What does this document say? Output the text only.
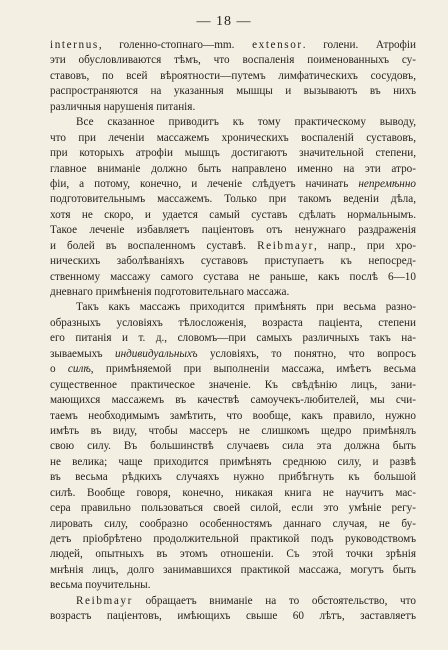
— 18 —
internus, голенно-стопнаго—mm. extensor. голени. Атрофіи
эти обусловливаются тѣмъ, что воспаленія поименованныхъ су-
ставовъ, по всей вѣроятности—путемъ лимфатическихъ сосудовъ,
распространяются на указанныя мышцы и вызываютъ въ нихъ
различныя нарушенія питанія.
Все сказанное приводитъ къ тому практическому выводу,
что при леченіи массажемъ хроническихъ воспаленій суставовъ,
при которыхъ атрофіи мышцъ достигаютъ значительной степени,
главное вниманіе должно быть направлено именно на эти атро-
фіи, а потому, конечно, и леченіе слѣдуетъ начинать непремѣнно
подготовительнымъ массажемъ. Только при такомъ веденіи дѣла,
хотя не скоро, и удается самый суставъ сдѣлать нормальнымъ.
Такое леченіе избавляетъ паціентовъ отъ ненужнаго раздраженія
и болей въ воспаленномъ суставѣ. Reibmayr, напр., при хро-
ническихъ заболѣваніяхъ суставовъ приступаетъ къ непосред-
ственному массажу самого сустава не раньше, какъ послѣ 6—10
дневнаго примѣненія подготовительнаго массажа.
Такъ какъ массажъ приходится примѣнять при весьма разно-
образныхъ условіяхъ тѣлосложенія, возраста паціента, степени
его питанія и т. д., словомъ—при самыхъ различныхъ такъ на-
зываемыхъ индивидуальныхъ условіяхъ, то понятно, что вопросъ
о силѣ, примѣняемой при выполненіи массажа, имѣетъ весьма
существенное практическое значеніе. Къ свѣдѣнію лицъ, зани-
мающихся массажемъ въ качествѣ самоучекъ-любителей, мы счи-
таемъ необходимымъ замѣтить, что вообще, какъ правило, нужно
имѣть въ виду, чтобы массеръ не слишкомъ щедро примѣнялъ
свою силу. Въ большинствѣ случаевъ сила эта должна быть
не велика; чаще приходится примѣнять среднюю силу, и развѣ
въ весьма рѣдкихъ случаяхъ нужно прибѣгнуть къ большой
силѣ. Вообще говоря, конечно, никакая книга не научитъ мас-
сера правильно пользоваться своей силой, если это умѣніе регу-
лировать силу, сообразно особенностямъ даннаго случая, не бу-
детъ пріобрѣтено продолжительной практикой подъ руководствомъ
людей, опытныхъ въ этомъ отношеніи. Съ этой точки зрѣнія
мнѣнія лицъ, долго занимавшихся практикой массажа, могутъ быть
весьма поучительны.
Reibmayr обращаетъ вниманіе на то обстоятельство, что
возрастъ паціентовъ, имѣющихъ свыше 60 лѣтъ, заставляетъ
